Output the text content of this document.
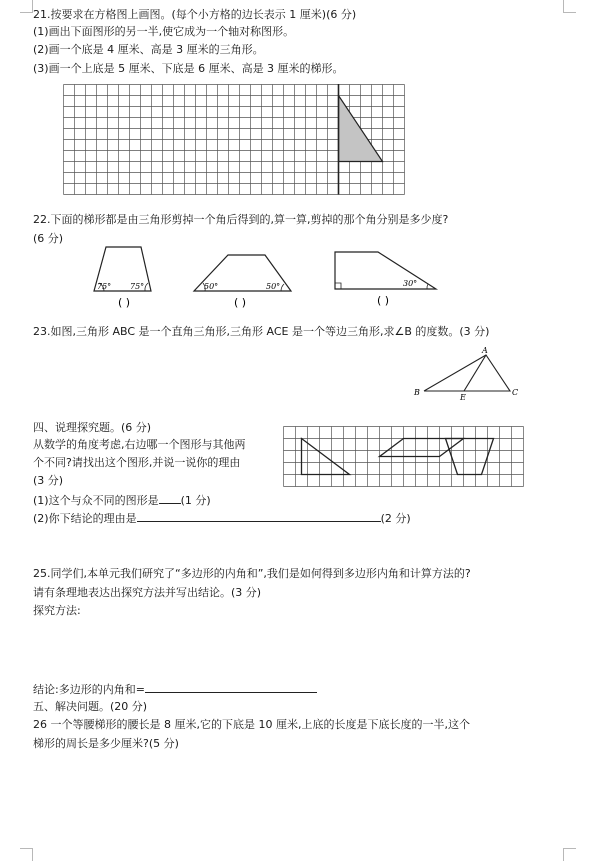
21.按要求在方格图上画图。(每个小方格的边长表示 1 厘米)(6 分)
(1)画出下面图形的另一半,使它成为一个轴对称图形。
(2)画一个底是 4 厘米、高是 3 厘米的三角形。
(3)画一个上底是 5 厘米、下底是 6 厘米、高是 3 厘米的梯形。
22.下面的梯形都是由三角形剪掉一个角后得到的,算一算,剪掉的那个角分别是多少度?
(6 分)
75° 75°
( )
50°	50°
( )
30°
( )
23.如图,三角形 ABC 是一个直角三角形,三角形 ACE 是一个等边三角形,求∠B 的度数。(3 分)
A
B	C
E
四、说理探究题。(6 分)
从数学的角度考虑,右边哪一个图形与其他两
个不同?请找出这个图形,并说一说你的理由
(3 分)
(1)这个与众不同的图形是 (1 分)
(2)你下结论的理由是	(2 分)
25.同学们,本单元我们研究了“多边形的内角和”,我们是如何得到多边形内角和计算方法的?
请有条理地表达出探究方法并写出结论。(3 分)
探究方法:
结论:多边形的内角和=
五、解决问题。(20 分)
26 一个等腰梯形的腰长是 8 厘米,它的下底是 10 厘米,上底的长度是下底长度的一半,这个
梯形的周长是多少厘米?(5 分)
